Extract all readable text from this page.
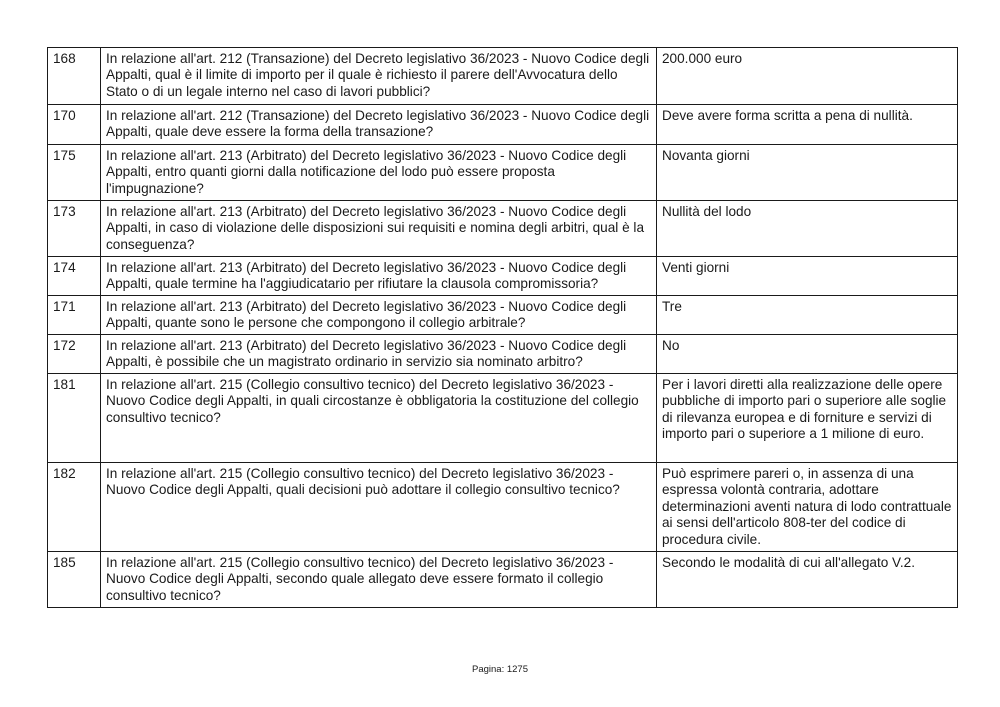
168	In relazione all'art. 212 (Transazione) del Decreto legislativo 36/2023 - Nuovo Codice degli Appalti, qual è il limite di importo per il quale è richiesto il parere dell'Avvocatura dello Stato o di un legale interno nel caso di lavori pubblici?	200.000 euro
170	In relazione all'art. 212 (Transazione) del Decreto legislativo 36/2023 - Nuovo Codice degli Appalti, quale deve essere la forma della transazione?	Deve avere forma scritta a pena di nullità.
175	In relazione all'art. 213 (Arbitrato) del Decreto legislativo 36/2023 - Nuovo Codice degli Appalti, entro quanti giorni dalla notificazione del lodo può essere proposta l'impugnazione?	Novanta giorni
173	In relazione all'art. 213 (Arbitrato) del Decreto legislativo 36/2023 - Nuovo Codice degli Appalti, in caso di violazione delle disposizioni sui requisiti e nomina degli arbitri, qual è la conseguenza?	Nullità del lodo
174	In relazione all'art. 213 (Arbitrato) del Decreto legislativo 36/2023 - Nuovo Codice degli Appalti, quale termine ha l'aggiudicatario per rifiutare la clausola compromissoria?	Venti giorni
171	In relazione all'art. 213 (Arbitrato) del Decreto legislativo 36/2023 - Nuovo Codice degli Appalti, quante sono le persone che compongono il collegio arbitrale?	Tre
172	In relazione all'art. 213 (Arbitrato) del Decreto legislativo 36/2023 - Nuovo Codice degli Appalti, è possibile che un magistrato ordinario in servizio sia nominato arbitro?	No
181	In relazione all'art. 215 (Collegio consultivo tecnico) del Decreto legislativo 36/2023 - Nuovo Codice degli Appalti, in quali circostanze è obbligatoria la costituzione del collegio consultivo tecnico?	Per i lavori diretti alla realizzazione delle opere pubbliche di importo pari o superiore alle soglie di rilevanza europea e di forniture e servizi di importo pari o superiore a 1 milione di euro.
182	In relazione all'art. 215 (Collegio consultivo tecnico) del Decreto legislativo 36/2023 - Nuovo Codice degli Appalti, quali decisioni può adottare il collegio consultivo tecnico?	Può esprimere pareri o, in assenza di una espressa volontà contraria, adottare determinazioni aventi natura di lodo contrattuale ai sensi dell'articolo 808-ter del codice di procedura civile.
185	In relazione all'art. 215 (Collegio consultivo tecnico) del Decreto legislativo 36/2023 - Nuovo Codice degli Appalti, secondo quale allegato deve essere formato il collegio consultivo tecnico?	Secondo le modalità di cui all'allegato V.2.
Pagina: 1275
